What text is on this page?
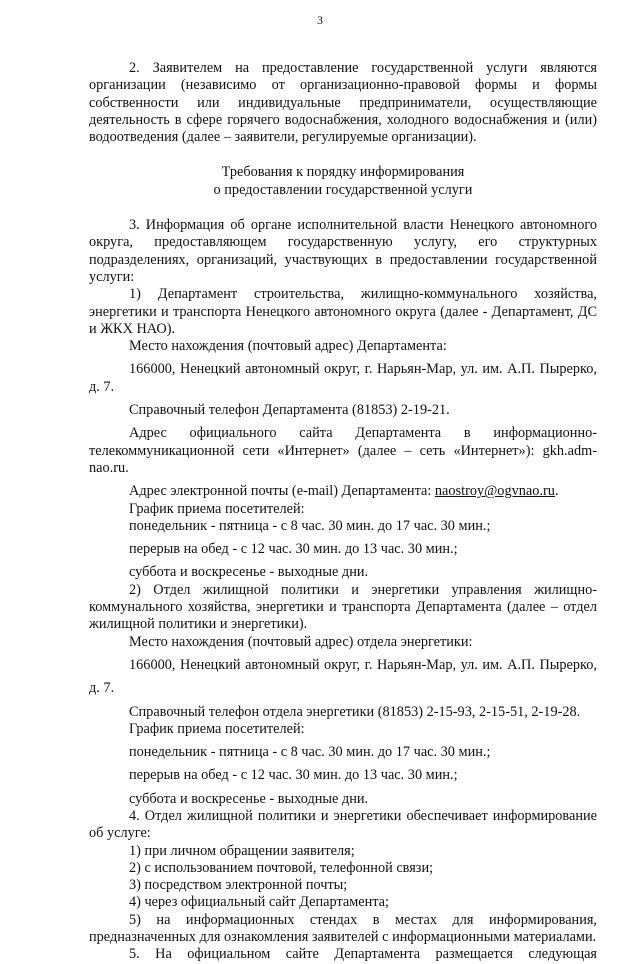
3
2. Заявителем на предоставление государственной услуги являются
организации (независимо от организационно-правовой формы и формы
собственности или индивидуальные предприниматели, осуществляющие
деятельность в сфере горячего водоснабжения, холодного водоснабжения и (или)
водоотведения (далее – заявители, регулируемые организации).
Требования к порядку информирования
о предоставлении государственной услуги
3. Информация об органе исполнительной власти Ненецкого автономного
округа, предоставляющем государственную услугу, его структурных
подразделениях, организаций, участвующих в предоставлении государственной
услуги:
1) Департамент строительства, жилищно-коммунального хозяйства,
энергетики и транспорта Ненецкого автономного округа (далее - Департамент, ДС
и ЖКХ НАО).
Место нахождения (почтовый адрес) Департамента:
166000, Ненецкий автономный округ, г. Нарьян-Мар, ул. им. А.П. Пырерко,
д. 7.
Справочный телефон Департамента (81853) 2-19-21.
Адрес официального сайта Департамента в информационно-
телекоммуникационной сети «Интернет» (далее – сеть «Интернет»): gkh.adm-
nao.ru.
Адрес электронной почты (e-mail) Департамента: naostroy@ogvnao.ru.
График приема посетителей:
понедельник - пятница - с 8 час. 30 мин. до 17 час. 30 мин.;
перерыв на обед - с 12 час. 30 мин. до 13 час. 30 мин.;
суббота и воскресенье - выходные дни.
2) Отдел жилищной политики и энергетики управления жилищно-
коммунального хозяйства, энергетики и транспорта Департамента (далее – отдел
жилищной политики и энергетики).
Место нахождения (почтовый адрес) отдела энергетики:
166000, Ненецкий автономный округ, г. Нарьян-Мар, ул. им. А.П. Пырерко,
д. 7.
Справочный телефон отдела энергетики (81853) 2-15-93, 2-15-51, 2-19-28.
График приема посетителей:
понедельник - пятница - с 8 час. 30 мин. до 17 час. 30 мин.;
перерыв на обед - с 12 час. 30 мин. до 13 час. 30 мин.;
суббота и воскресенье - выходные дни.
4. Отдел жилищной политики и энергетики обеспечивает информирование
об услуге:
1) при личном обращении заявителя;
2) с использованием почтовой, телефонной связи;
3) посредством электронной почты;
4) через официальный сайт Департамента;
5) на информационных стендах в местах для информирования,
предназначенных для ознакомления заявителей с информационными материалами.
5. На официальном сайте Департамента размещается следующая
